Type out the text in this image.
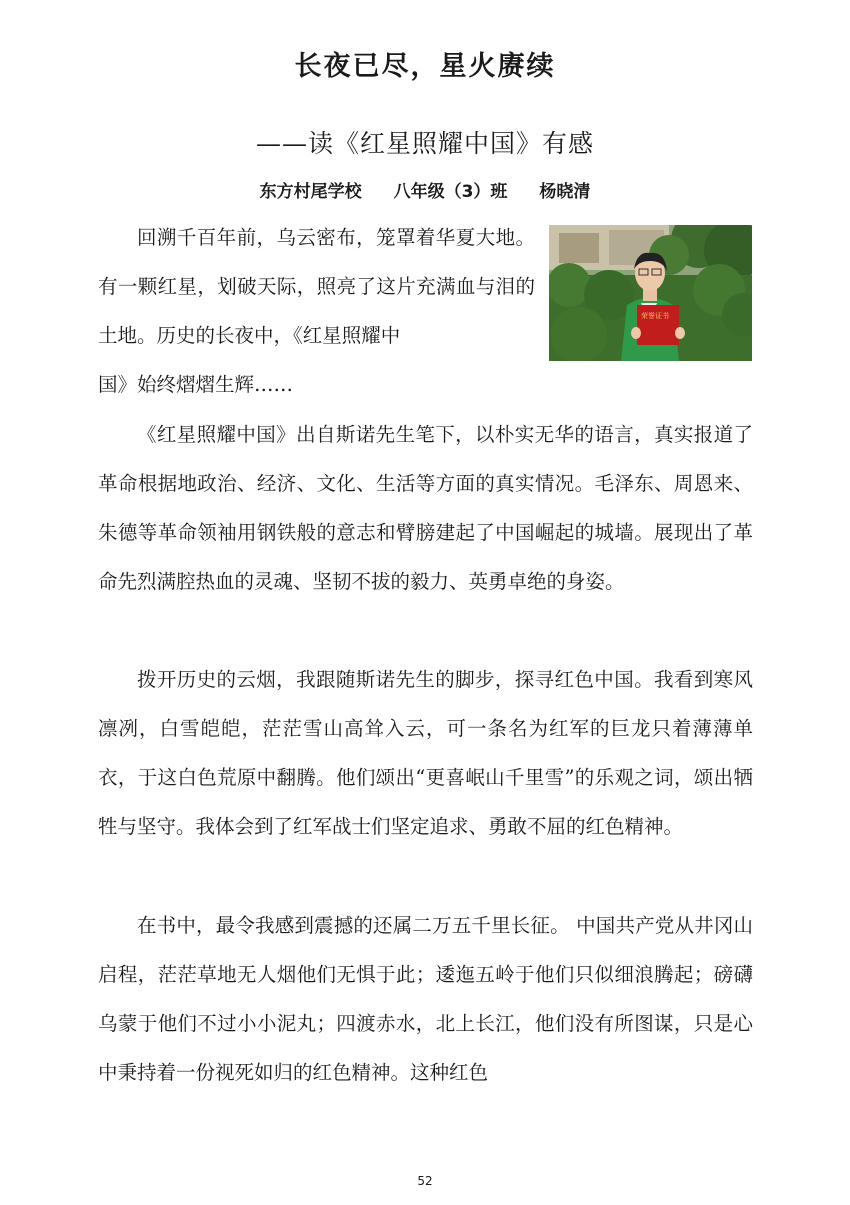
长夜已尽，星火赓续
——读《红星照耀中国》有感
东方村尾学校 八年级（3）班 杨晓清

回溯千百年前，乌云密布，笼罩着华夏大地。有一颗红星，划破天际，照亮了这片充满血与泪的土地。历史的长夜中，《红星照耀中

荣誉证书

国》始终熠熠生辉……

《红星照耀中国》出自斯诺先生笔下，以朴实无华的语言，真实报道了革命根据地政治、经济、文化、生活等方面的真实情况。毛泽东、周恩来、朱德等革命领袖用钢铁般的意志和臂膀建起了中国崛起的城墙。展现出了革命先烈满腔热血的灵魂、坚韧不拔的毅力、英勇卓绝的身姿。

拨开历史的云烟，我跟随斯诺先生的脚步，探寻红色中国。我看到寒风凛冽，白雪皑皑，茫茫雪山高耸入云，可一条名为红军的巨龙只着薄薄单衣，于这白色荒原中翻腾。他们颂出“更喜岷山千里雪”的乐观之词，颂出牺牲与坚守。我体会到了红军战士们坚定追求、勇敢不屈的红色精神。

在书中，最令我感到震撼的还属二万五千里长征。 中国共产党从井冈山启程，茫茫草地无人烟他们无惧于此；逶迤五岭于他们只似细浪腾起；磅礴乌蒙于他们不过小小泥丸；四渡赤水，北上长江，他们没有所图谋，只是心中秉持着一份视死如归的红色精神。这种红色

52
